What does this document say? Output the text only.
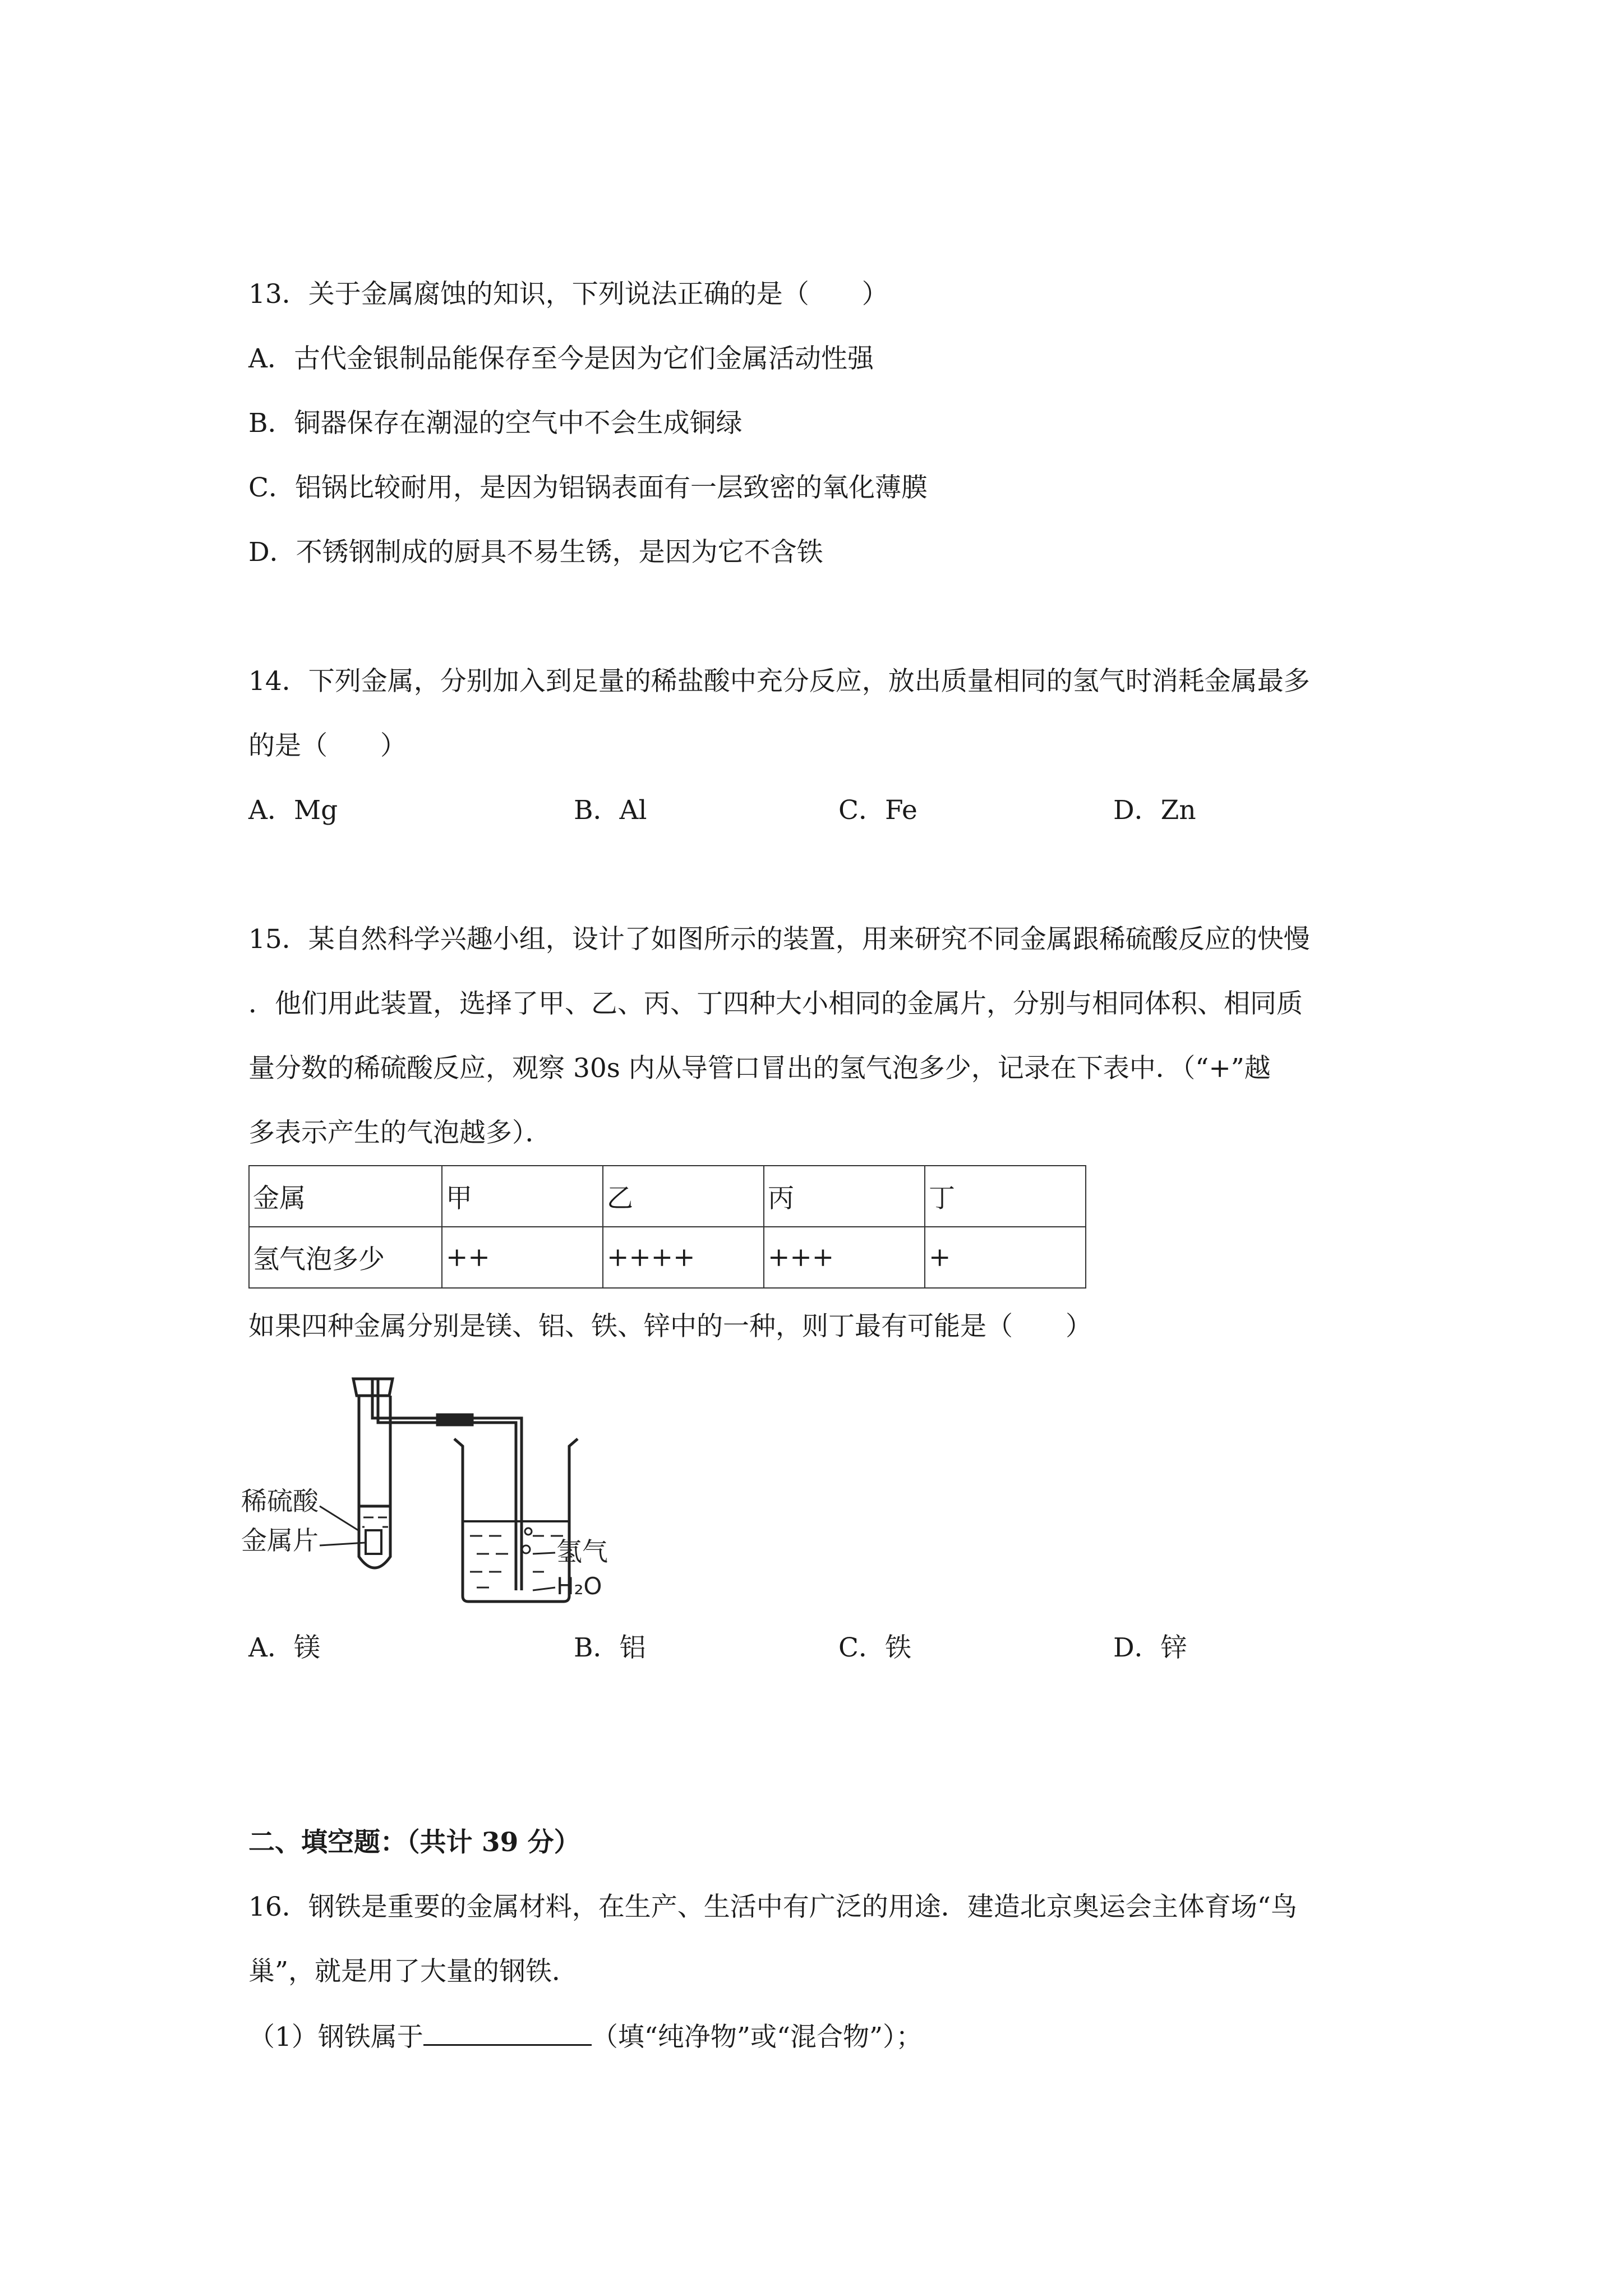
13．关于金属腐蚀的知识，下列说法正确的是（　　）
A．古代金银制品能保存至今是因为它们金属活动性强
B．铜器保存在潮湿的空气中不会生成铜绿
C．铝锅比较耐用，是因为铝锅表面有一层致密的氧化薄膜
D．不锈钢制成的厨具不易生锈，是因为它不含铁
14．下列金属，分别加入到足量的稀盐酸中充分反应，放出质量相同的氢气时消耗金属最多
的是（　　）
A．Mg	B．Al	C．Fe	D．Zn
15．某自然科学兴趣小组，设计了如图所示的装置，用来研究不同金属跟稀硫酸反应的快慢
．他们用此装置，选择了甲、乙、丙、丁四种大小相同的金属片，分别与相同体积、相同质
量分数的稀硫酸反应，观察 30s 内从导管口冒出的氢气泡多少，记录在下表中．（“+”越
多表示产生的气泡越多）．
金属	甲	乙	丙	丁
氢气泡多少	++	++++	+++	+
如果四种金属分别是镁、铝、铁、锌中的一种，则丁最有可能是（　　）
稀硫酸
金属片	氢气
H₂O
A．镁	B．铝	C．铁	D．锌
二、填空题：（共计 39 分）
16．钢铁是重要的金属材料，在生产、生活中有广泛的用途．建造北京奥运会主体育场“鸟
巢”，就是用了大量的钢铁．
（1）钢铁属于	（填“纯净物”或“混合物”）；
